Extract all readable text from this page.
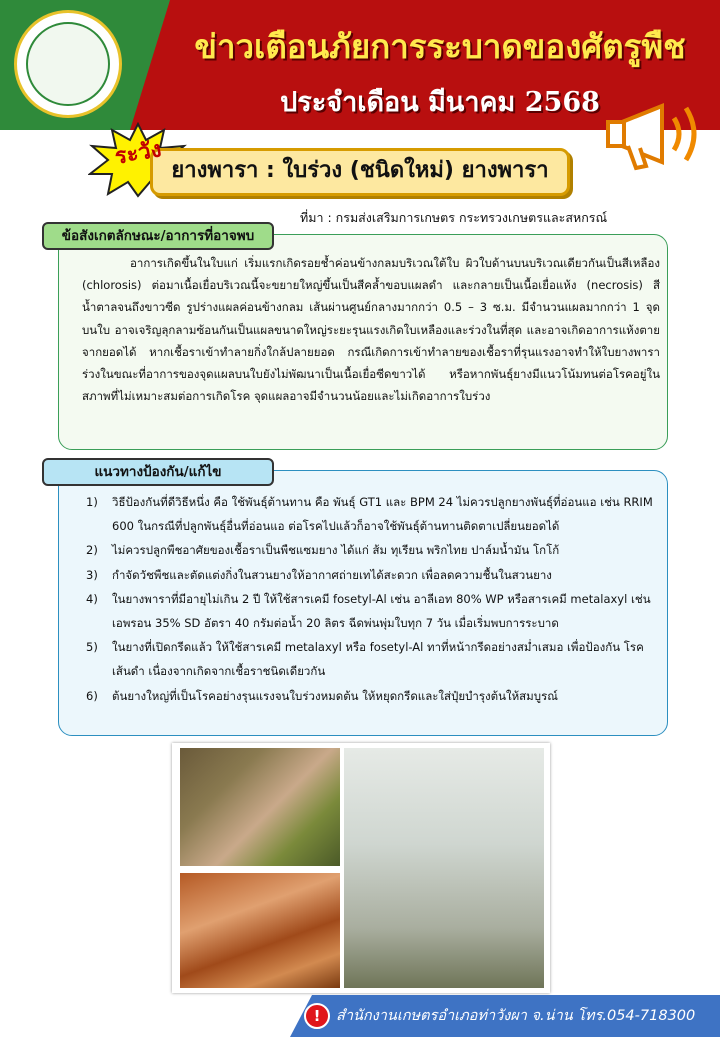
ข่าวเตือนภัยการระบาดของศัตรูพืช
ประจำเดือน มีนาคม 2568
ระวัง
ยางพารา : ใบร่วง (ชนิดใหม่) ยางพารา
ที่มา : กรมส่งเสริมการเกษตร กระทรวงเกษตรและสหกรณ์
ข้อสังเกตลักษณะ/อาการที่อาจพบ

อาการเกิดขึ้นในใบแก่ เริ่มแรกเกิดรอยช้ำค่อนข้างกลมบริเวณใต้ใบ ผิวใบด้านบนบริเวณเดียวกันเป็นสีเหลือง (chlorosis) ต่อมาเนื้อเยื่อบริเวณนี้จะขยายใหญ่ขึ้นเป็นสีคล้ำขอบแผลดำ และกลายเป็นเนื้อเยื่อแห้ง (necrosis) สีน้ำตาลจนถึงขาวซีด รูปร่างแผลค่อนข้างกลม เส้นผ่านศูนย์กลางมากกว่า 0.5 – 3 ซ.ม. มีจำนวนแผลมากกว่า 1 จุด บนใบ อาจเจริญลุกลามซ้อนกันเป็นแผลขนาดใหญ่ระยะรุนแรงเกิดใบเหลืองและร่วงในที่สุด และอาจเกิดอาการแห้งตายจากยอดได้ หากเชื้อราเข้าทำลายกิ่งใกล้ปลายยอด กรณีเกิดการเข้าทำลายของเชื้อราที่รุนแรงอาจทำให้ใบยางพาราร่วงในขณะที่อาการของจุดแผลบนใบยังไม่พัฒนาเป็นเนื้อเยื่อซีดขาวได้ หรือหากพันธุ์ยางมีแนวโน้มทนต่อโรคอยู่ในสภาพที่ไม่เหมาะสมต่อการเกิดโรค จุดแผลอาจมีจำนวนน้อยและไม่เกิดอาการใบร่วง

แนวทางป้องกัน/แก้ไข
1) วิธีป้องกันที่ดีวิธีหนึ่ง คือ ใช้พันธุ์ต้านทาน คือ พันธุ์ GT1 และ BPM 24 ไม่ควรปลูกยางพันธุ์ที่อ่อนแอ เช่น RRIM 600 ในกรณีที่ปลูกพันธุ์อื่นที่อ่อนแอ ต่อโรคไปแล้วก็อาจใช้พันธุ์ต้านทานติดตาเปลี่ยนยอดได้
2) ไม่ควรปลูกพืชอาศัยของเชื้อราเป็นพืชแซมยาง ได้แก่ ส้ม ทุเรียน พริกไทย ปาล์มน้ำมัน โกโก้
3) กำจัดวัชพืชและตัดแต่งกิ่งในสวนยางให้อากาศถ่ายเทได้สะดวก เพื่อลดความชื้นในสวนยาง
4) ในยางพาราที่มีอายุไม่เกิน 2 ปี ให้ใช้สารเคมี fosetyl-Al เช่น อาลีเอท 80% WP หรือสารเคมี metalaxyl เช่น เอพรอน 35% SD อัตรา 40 กรัมต่อน้ำ 20 ลิตร ฉีดพ่นพุ่มใบทุก 7 วัน เมื่อเริ่มพบการระบาด
5) ในยางที่เปิดกรีดแล้ว ให้ใช้สารเคมี metalaxyl หรือ fosetyl-Al ทาที่หน้ากรีดอย่างสม่ำเสมอ เพื่อป้องกัน โรคเส้นดำ เนื่องจากเกิดจากเชื้อราชนิดเดียวกัน
6) ต้นยางใหญ่ที่เป็นโรคอย่างรุนแรงจนใบร่วงหมดต้น ให้หยุดกรีดและใส่ปุ๋ยบำรุงต้นให้สมบูรณ์
!	สำนักงานเกษตรอำเภอท่าวังผา จ.น่าน โทร.054-718300
